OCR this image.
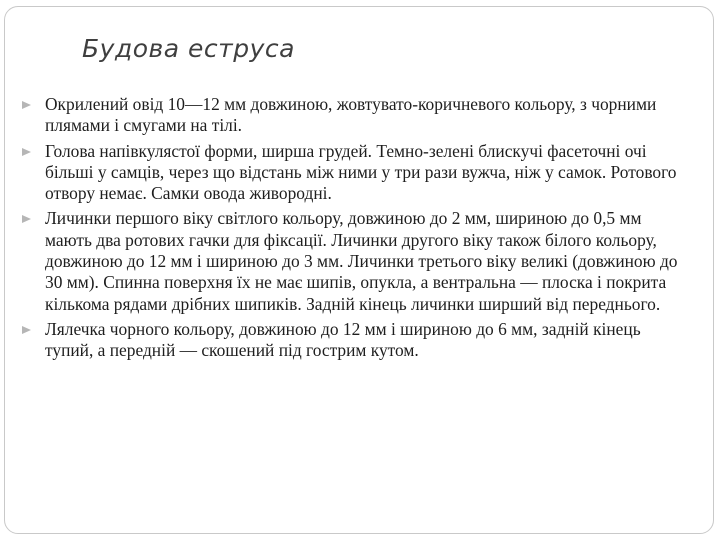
Будова еструса
Окрилений овід 10—12 мм довжиною, жовтувато-коричневого кольору, з чорними плямами і смугами на тілі.
Голова напівкулястої форми, ширша грудей. Темно-зелені блискучі фасеточні очі більші у самців, через що відстань між ними у три рази вужча, ніж у самок. Ротового отвору немає. Самки овода живородні.
Личинки першого віку світлого кольору, довжиною до 2 мм, шириною до 0,5 мм мають два ротових гачки для фіксації. Личинки другого віку також білого кольору, довжиною до 12 мм і шириною до 3 мм. Личинки третього віку великі (довжиною до 30 мм). Спинна поверхня їх не має шипів, опукла, а вентральна — плоска і покрита кількома рядами дрібних шипиків. Задній кінець личинки ширший від переднього.
Лялечка чорного кольору, довжиною до 12 мм і шириною до 6 мм, задній кінець тупий, а передній — скошений під гострим кутом.
